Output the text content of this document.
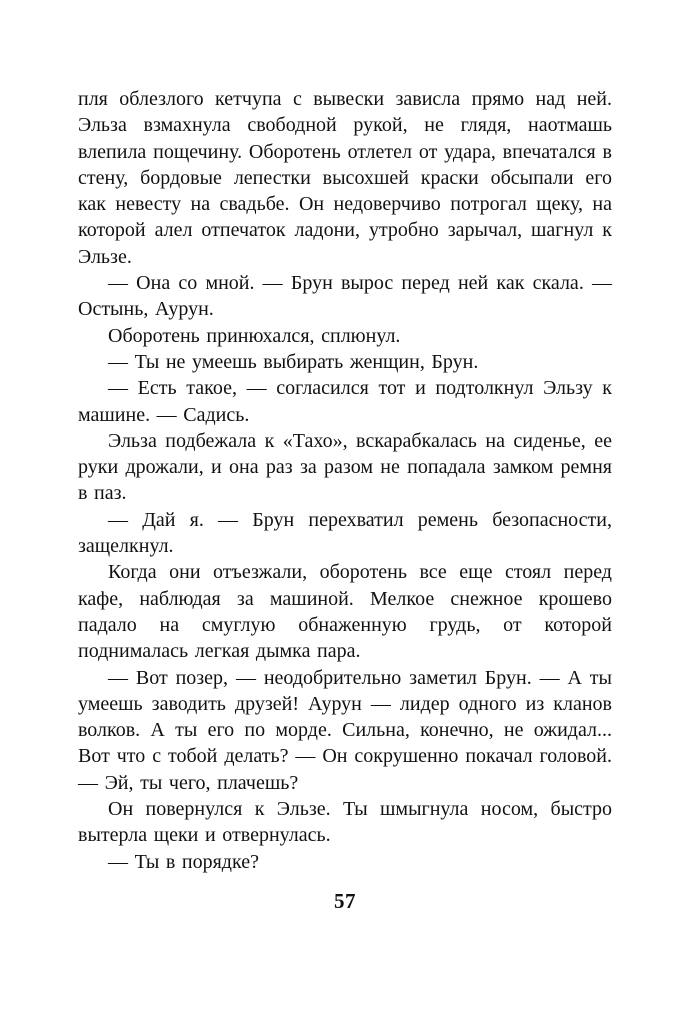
пля облезлого кетчупа с вывески зависла прямо над ней. Эльза взмахнула свободной рукой, не глядя, наотмашь влепила пощечину. Оборотень отлетел от удара, впечатался в стену, бордовые лепестки высохшей краски обсыпали его как невесту на свадьбе. Он недоверчиво потрогал щеку, на которой алел отпечаток ладони, утробно зарычал, шагнул к Эльзе.

— Она со мной. — Брун вырос перед ней как скала. — Остынь, Аурун.

Оборотень принюхался, сплюнул.

— Ты не умеешь выбирать женщин, Брун.

— Есть такое, — согласился тот и подтолкнул Эльзу к машине. — Садись.

Эльза подбежала к «Тахо», вскарабкалась на сиденье, ее руки дрожали, и она раз за разом не попадала замком ремня в паз.

— Дай я. — Брун перехватил ремень безопасности, защелкнул.

Когда они отъезжали, оборотень все еще стоял перед кафе, наблюдая за машиной. Мелкое снежное крошево падало на смуглую обнаженную грудь, от которой поднималась легкая дымка пара.

— Вот позер, — неодобрительно заметил Брун. — А ты умеешь заводить друзей! Аурун — лидер одного из кланов волков. А ты его по морде. Сильна, конечно, не ожидал... Вот что с тобой делать? — Он сокрушенно покачал головой. — Эй, ты чего, плачешь?

Он повернулся к Эльзе. Ты шмыгнула носом, быстро вытерла щеки и отвернулась.

— Ты в порядке?

57
